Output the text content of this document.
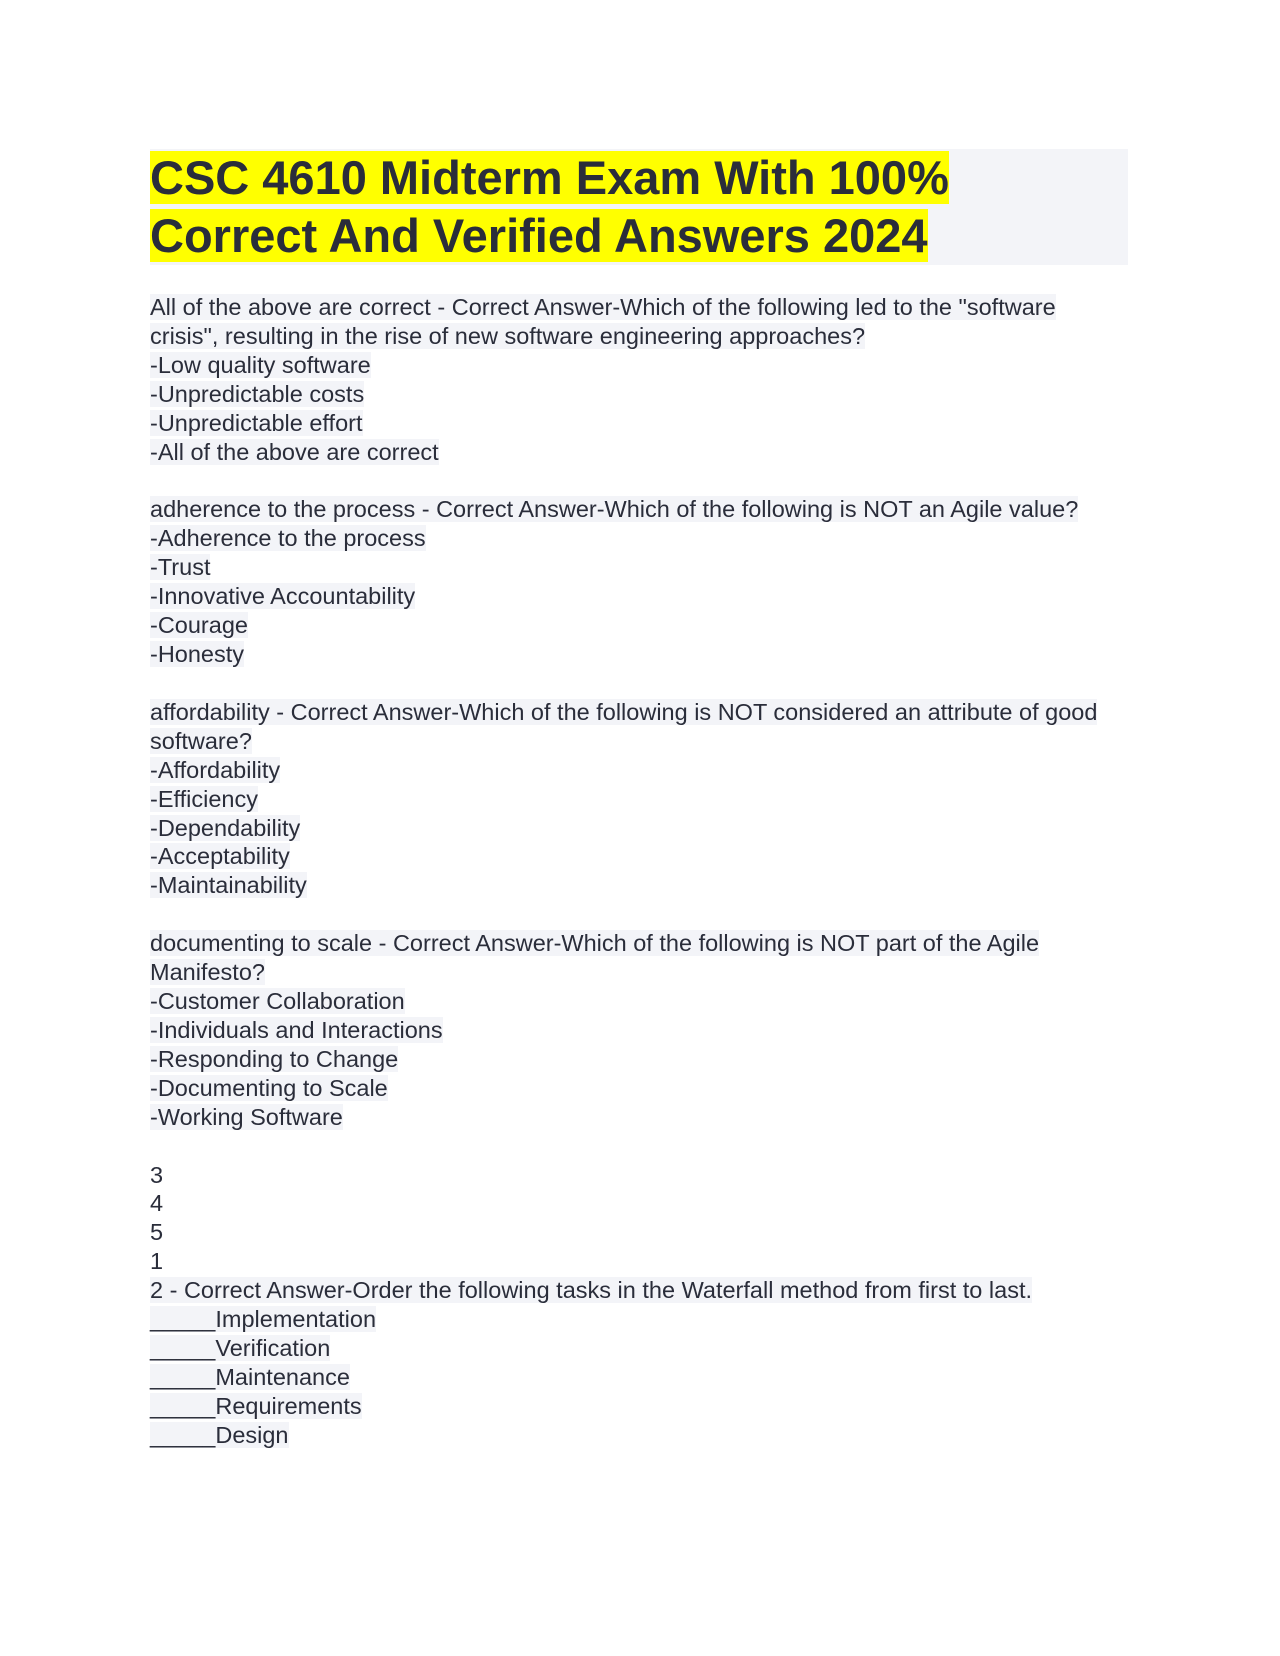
CSC 4610 Midterm Exam With 100%
Correct And Verified Answers 2024
All of the above are correct - Correct Answer-Which of the following led to the "software crisis", resulting in the rise of new software engineering approaches?
-Low quality software
-Unpredictable costs
-Unpredictable effort
-All of the above are correct
adherence to the process - Correct Answer-Which of the following is NOT an Agile value?
-Adherence to the process
-Trust
-Innovative Accountability
-Courage
-Honesty
affordability - Correct Answer-Which of the following is NOT considered an attribute of good software?
-Affordability
-Efficiency
-Dependability
-Acceptability
-Maintainability
documenting to scale - Correct Answer-Which of the following is NOT part of the Agile Manifesto?
-Customer Collaboration
-Individuals and Interactions
-Responding to Change
-Documenting to Scale
-Working Software
3
4
5
1
2 - Correct Answer-Order the following tasks in the Waterfall method from first to last.
_____Implementation
_____Verification
_____Maintenance
_____Requirements
_____Design
